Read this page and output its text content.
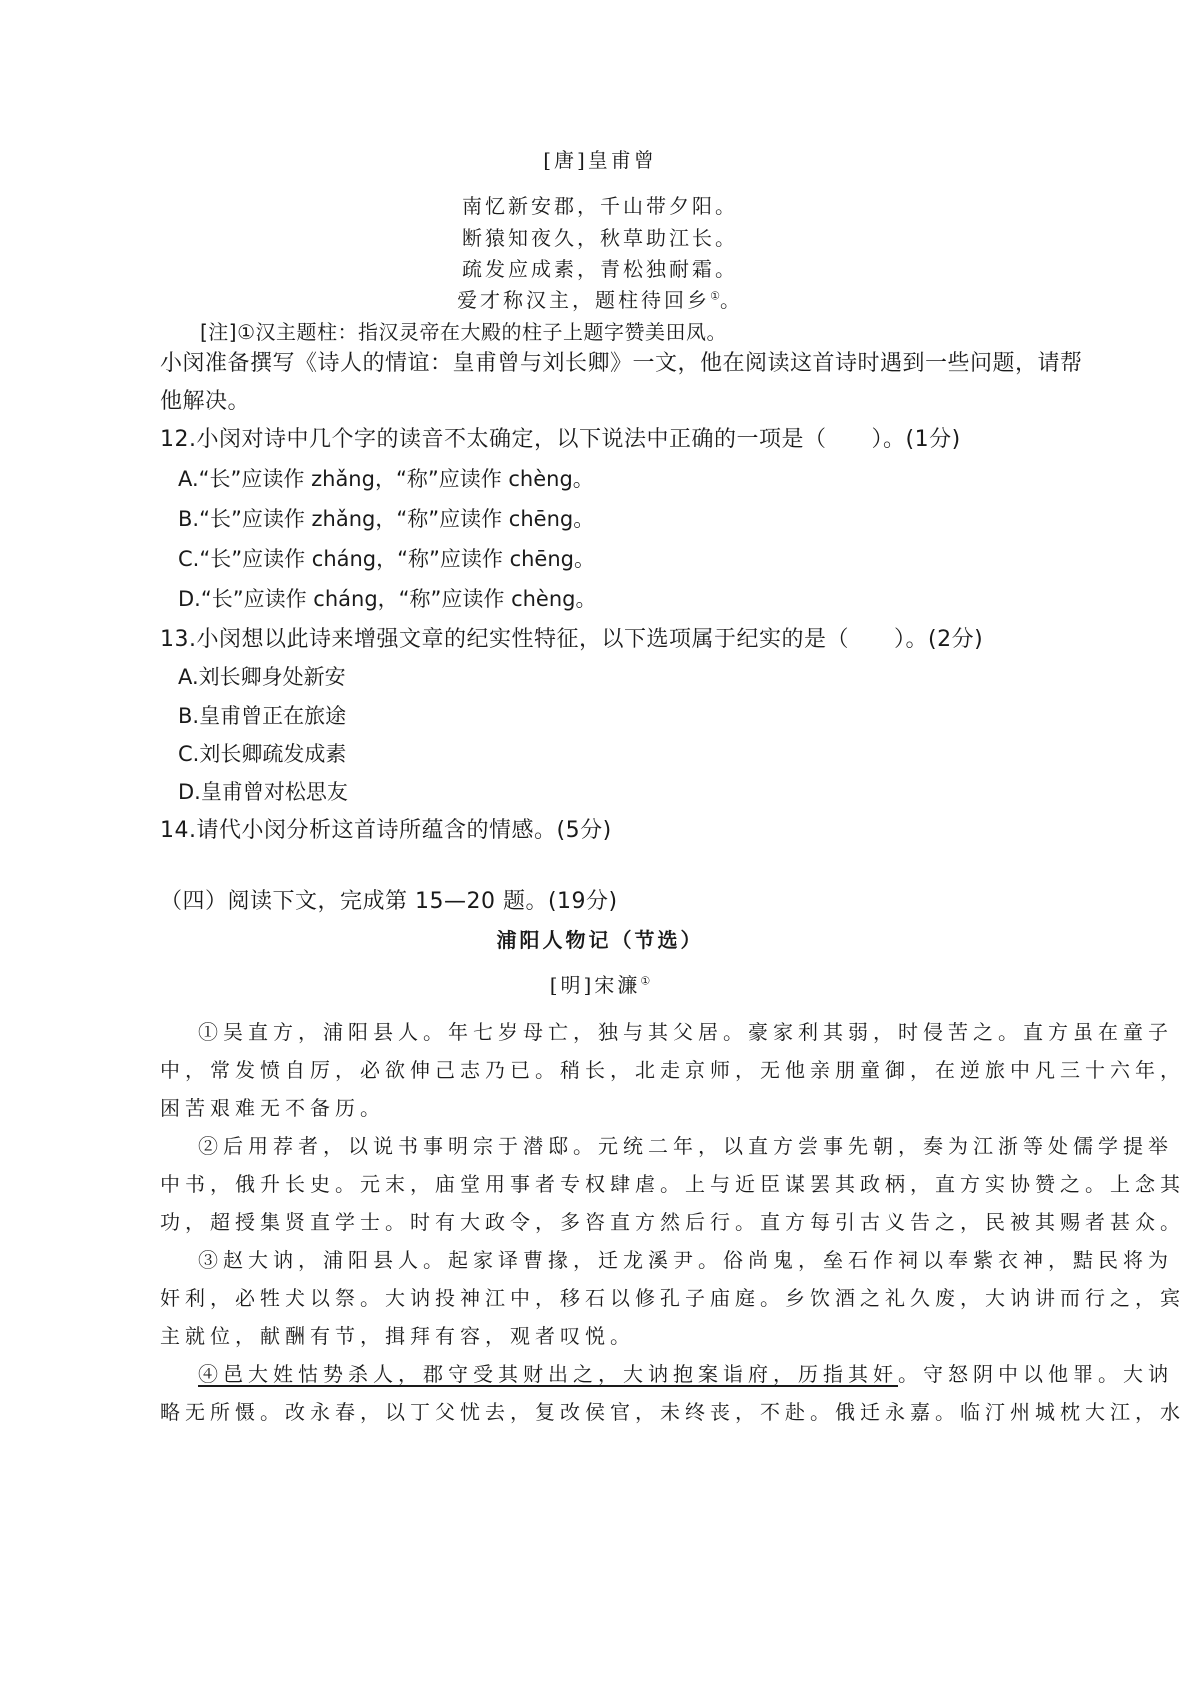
[唐]皇甫曾
南忆新安郡，千山带夕阳。
断猿知夜久，秋草助江长。
疏发应成素，青松独耐霜。
爱才称汉主，题柱待回乡①。
[注]①汉主题柱：指汉灵帝在大殿的柱子上题字赞美田凤。
小闵准备撰写《诗人的情谊：皇甫曾与刘长卿》一文，他在阅读这首诗时遇到一些问题，请帮
他解决。
12.小闵对诗中几个字的读音不太确定，以下说法中正确的一项是（　　）。(1分)
A.“长”应读作 zhǎng，“称”应读作 chèng。
B.“长”应读作 zhǎng，“称”应读作 chēng。
C.“长”应读作 cháng，“称”应读作 chēng。
D.“长”应读作 cháng，“称”应读作 chèng。
13.小闵想以此诗来增强文章的纪实性特征，以下选项属于纪实的是（　　）。(2分)
A.刘长卿身处新安
B.皇甫曾正在旅途
C.刘长卿疏发成素
D.皇甫曾对松思友
14.请代小闵分析这首诗所蕴含的情感。(5分)
（四）阅读下文，完成第 15—20 题。(19分)
浦阳人物记（节选）
[明]宋濂①
①吴直方，浦阳县人。年七岁母亡，独与其父居。豪家利其弱，时侵苦之。直方虽在童子
中，常发愤自厉，必欲伸己志乃已。稍长，北走京师，无他亲朋童御，在逆旅中凡三十六年，
困苦艰难无不备历。
②后用荐者，以说书事明宗于潜邸。元统二年，以直方尝事先朝，奏为江浙等处儒学提举
中书，俄升长史。元末，庙堂用事者专权肆虐。上与近臣谋罢其政柄，直方实协赞之。上念其
功，超授集贤直学士。时有大政令，多咨直方然后行。直方每引古义告之，民被其赐者甚众。
③赵大讷，浦阳县人。起家译曹掾，迁龙溪尹。俗尚鬼，垒石作祠以奉紫衣神，黠民将为
奸利，必牲犬以祭。大讷投神江中，移石以修孔子庙庭。乡饮酒之礼久废，大讷讲而行之，宾
主就位，献酬有节，揖拜有容，观者叹悦。
④邑大姓怙势杀人，郡守受其财出之，大讷抱案诣府，历指其奸。守怒阴中以他罪。大讷
略无所慑。改永春，以丁父忧去，复改侯官，未终丧，不赴。俄迁永嘉。临汀州城枕大江，水
